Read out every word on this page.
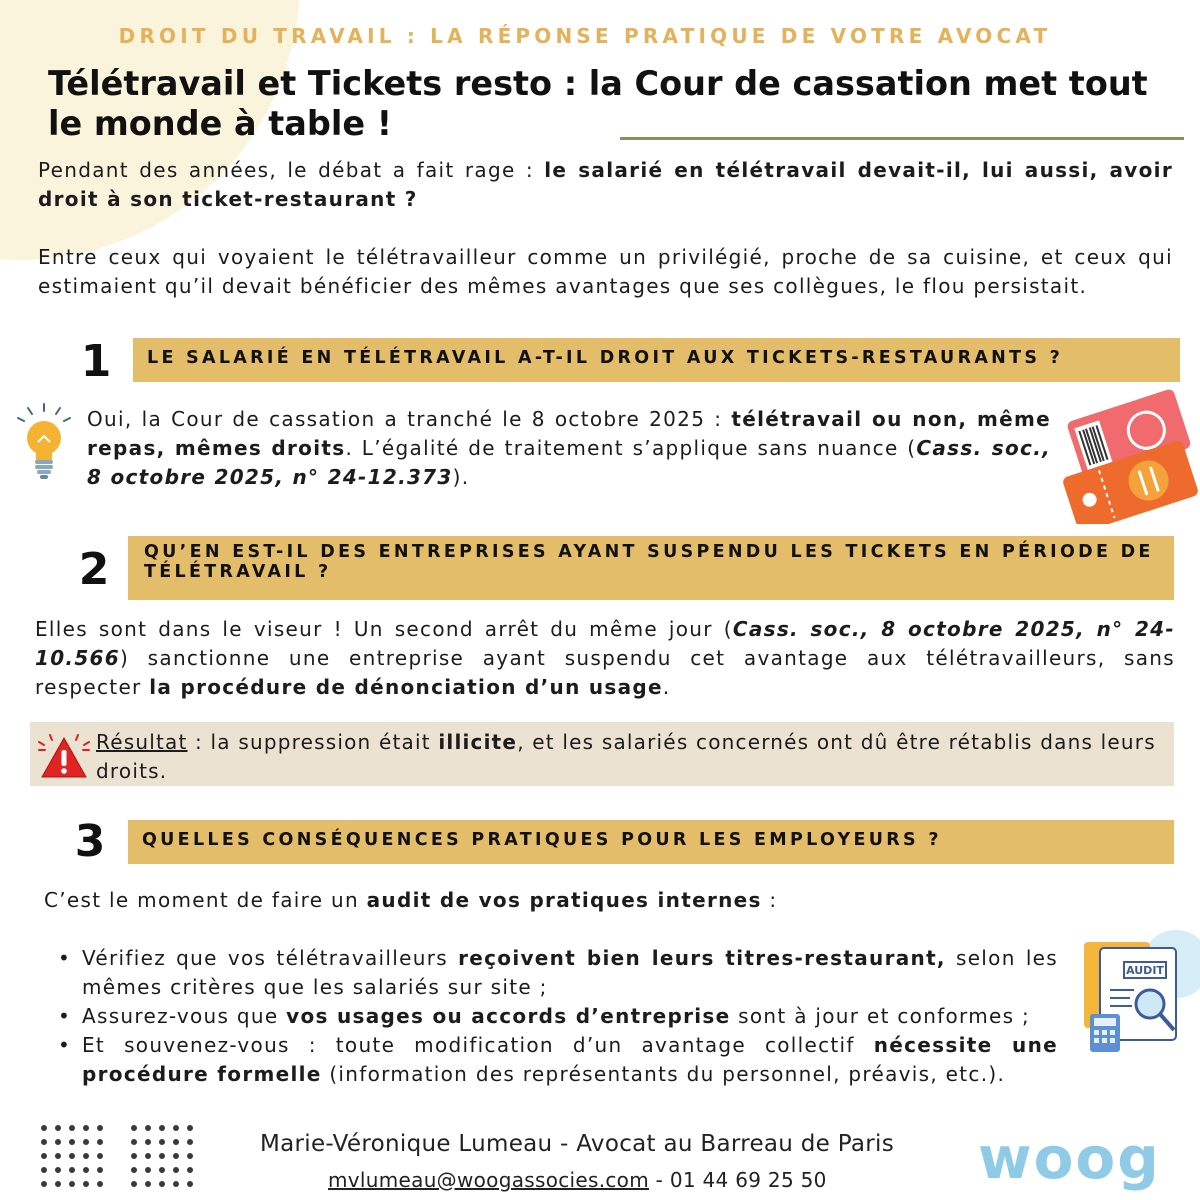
DROIT DU TRAVAIL : LA RÉPONSE PRATIQUE DE VOTRE AVOCAT
Télétravail et Tickets resto : la Cour de cassation met tout le monde à table !
Pendant des années, le débat a fait rage : le salarié en télétravail devait-il, lui aussi, avoir droit à son ticket-restaurant ?
Entre ceux qui voyaient le télétravailleur comme un privilégié, proche de sa cuisine, et ceux qui estimaient qu’il devait bénéficier des mêmes avantages que ses collègues, le flou persistait.
1	LE SALARIÉ EN TÉLÉTRAVAIL A-T-IL DROIT AUX TICKETS-RESTAURANTS ?
Oui, la Cour de cassation a tranché le 8 octobre 2025 : télétravail ou non, même repas, mêmes droits. L’égalité de traitement s’applique sans nuance (Cass. soc., 8 octobre 2025, n° 24-12.373).
2	QU’EN EST-IL DES ENTREPRISES AYANT SUSPENDU LES TICKETS EN PÉRIODE DE TÉLÉTRAVAIL ?
Elles sont dans le viseur ! Un second arrêt du même jour (Cass. soc., 8 octobre 2025, n° 24-10.566) sanctionne une entreprise ayant suspendu cet avantage aux télétravailleurs, sans respecter la procédure de dénonciation d’un usage.
Résultat : la suppression était illicite, et les salariés concernés ont dû être rétablis dans leurs droits.
3	QUELLES CONSÉQUENCES PRATIQUES POUR LES EMPLOYEURS ?
C’est le moment de faire un audit de vos pratiques internes :
• Vérifiez que vos télétravailleurs reçoivent bien leurs titres-restaurant, selon les mêmes critères que les salariés sur site ;
• Assurez-vous que vos usages ou accords d’entreprise sont à jour et conformes ;
• Et souvenez-vous : toute modification d’un avantage collectif nécessite une procédure formelle (information des représentants du personnel, préavis, etc.).
AUDIT
Marie-Véronique Lumeau - Avocat au Barreau de Paris
mvlumeau@woogassocies.com - 01 44 69 25 50	woog
